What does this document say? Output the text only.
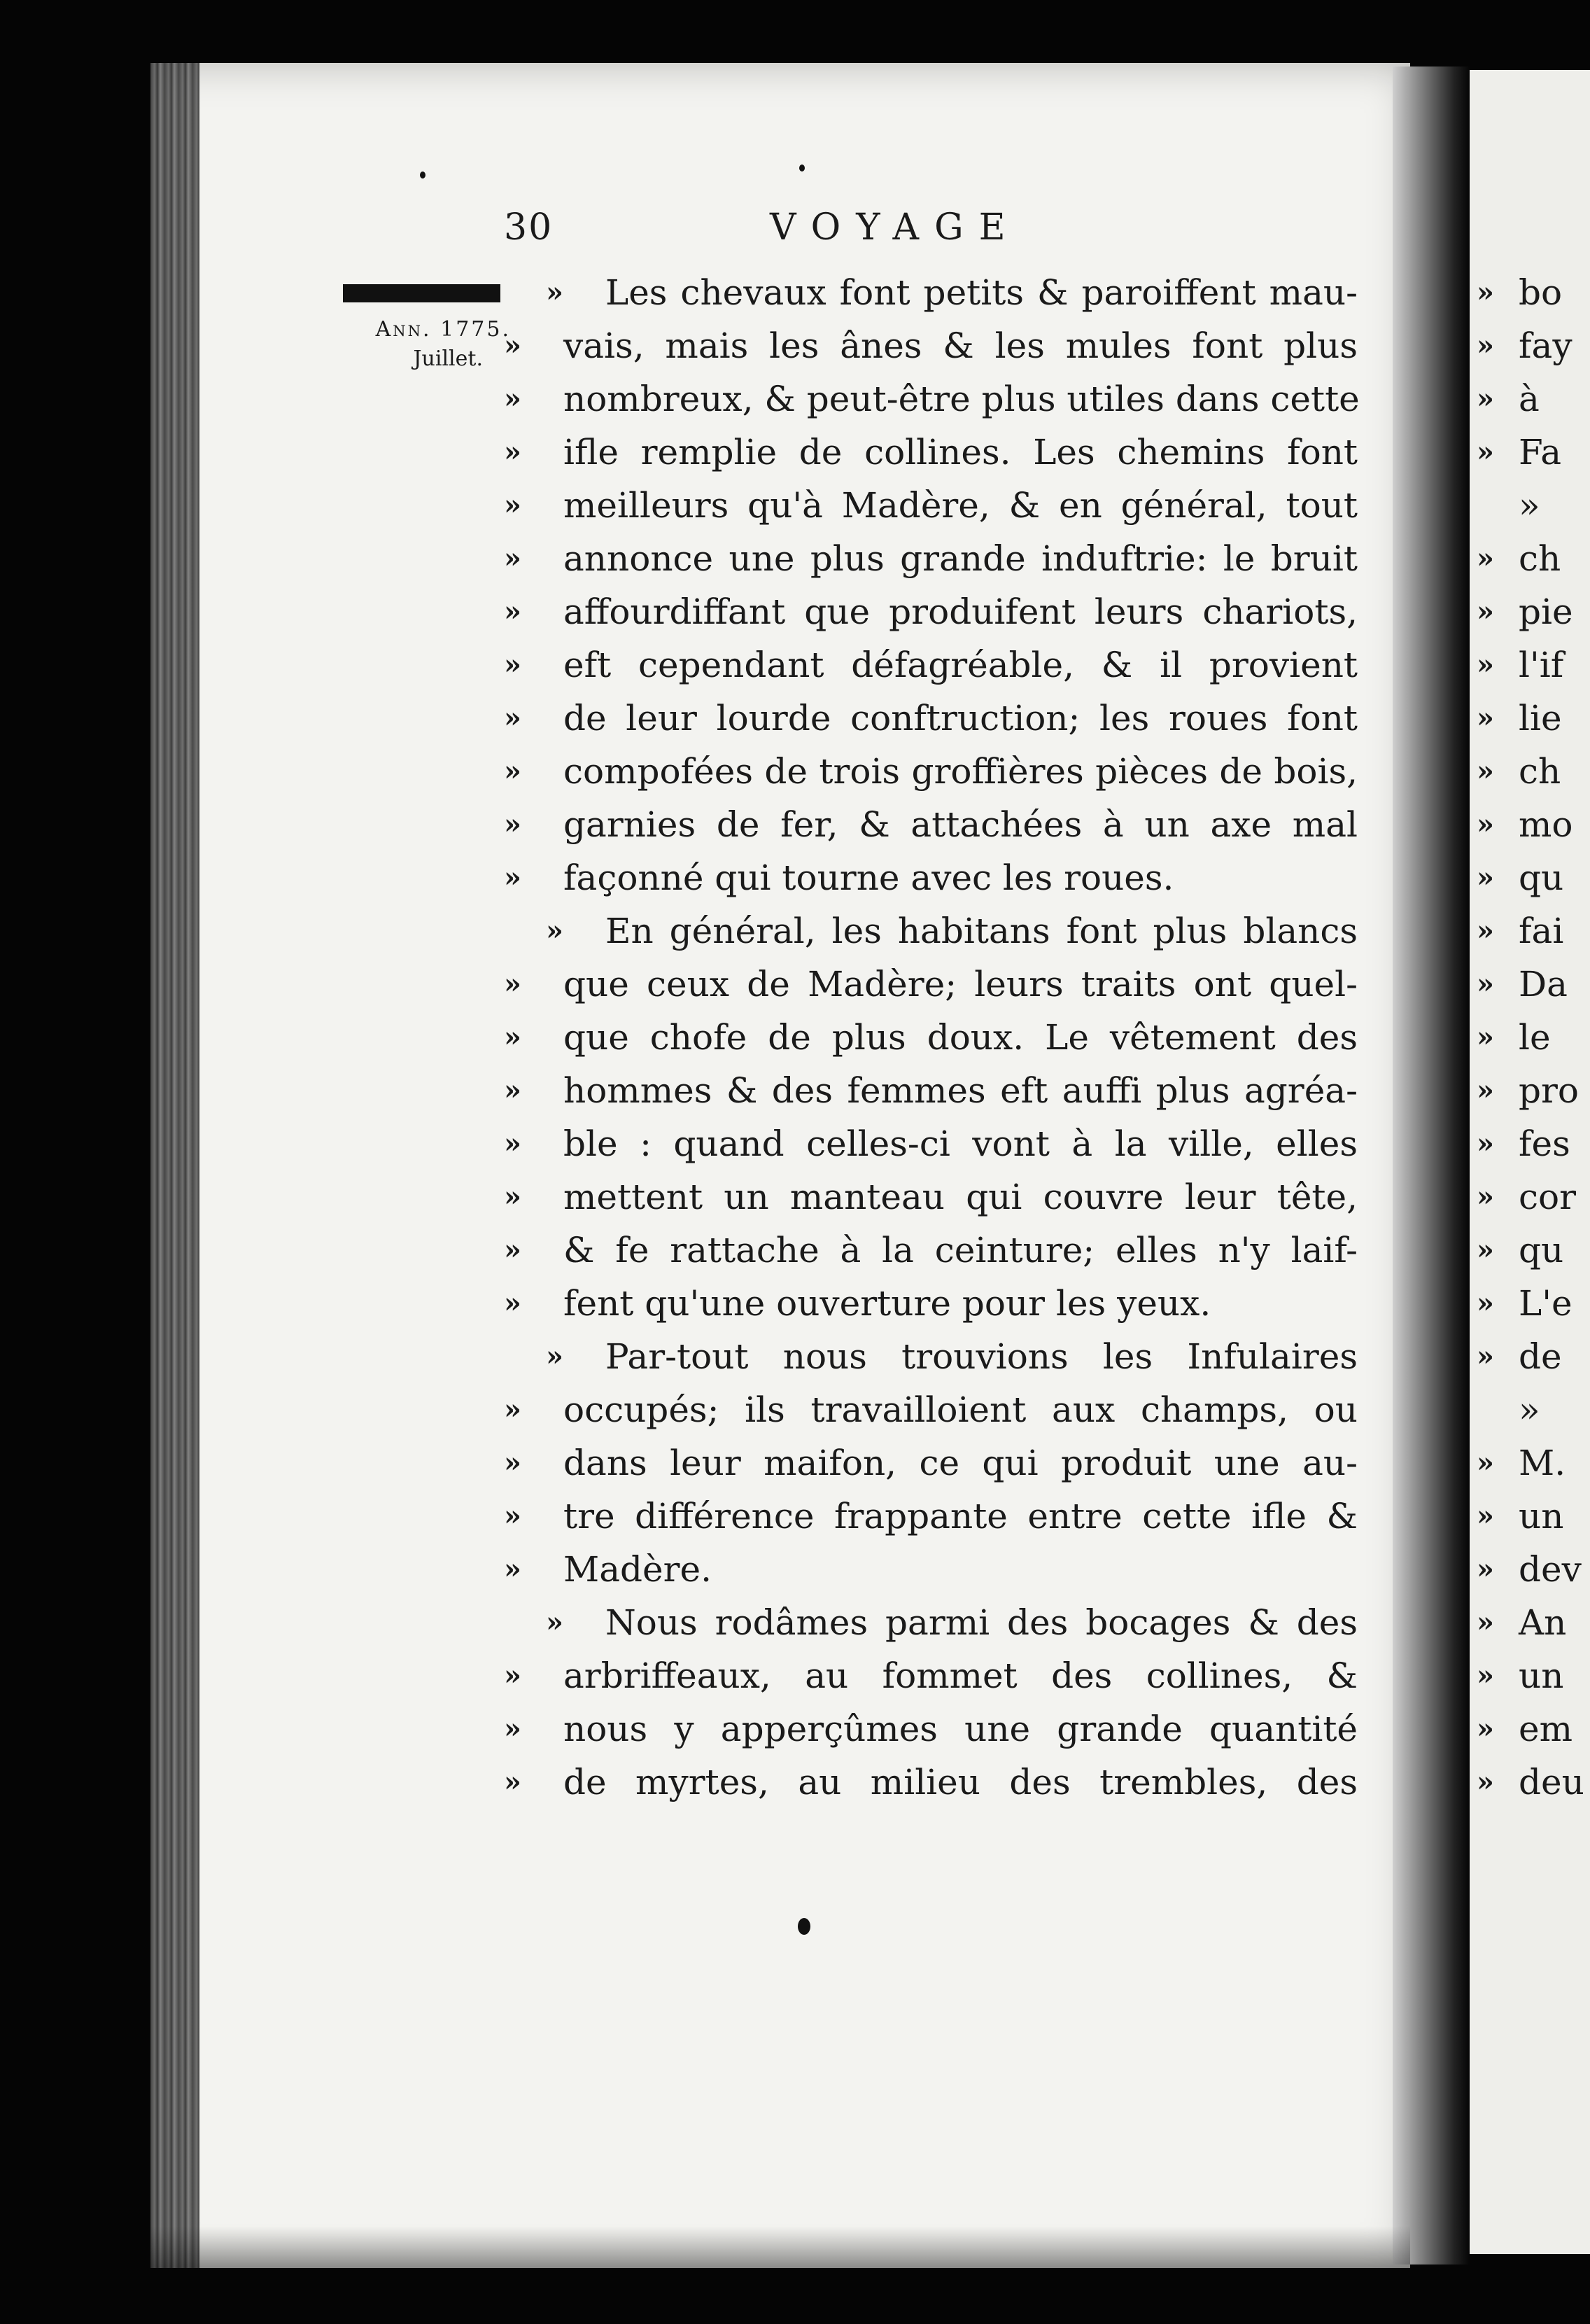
30	VOYAGE
Ann. 1775.
Juillet.
» Les chevaux font petits & paroiffent mau-
» vais, mais les ânes & les mules font plus
» nombreux, & peut-être plus utiles dans cette
» ifle remplie de collines. Les chemins font
» meilleurs qu'à Madère, & en général, tout
» annonce une plus grande induftrie: le bruit
» affourdiffant que produifent leurs chariots,
» eft cependant défagréable, & il provient
» de leur lourde conftruction; les roues font
» compofées de trois groffières pièces de bois,
» garnies de fer, & attachées à un axe mal
» façonné qui tourne avec les roues.
» En général, les habitans font plus blancs
» que ceux de Madère; leurs traits ont quel-
» que chofe de plus doux. Le vêtement des
» hommes & des femmes eft auffi plus agréa-
» ble : quand celles-ci vont à la ville, elles
» mettent un manteau qui couvre leur tête,
» & fe rattache à la ceinture; elles n'y laif-
» fent qu'une ouverture pour les yeux.
» Par-tout nous trouvions les Infulaires
» occupés; ils travailloient aux champs, ou
» dans leur maifon, ce qui produit une au-
» tre différence frappante entre cette ifle &
» Madère.
» Nous rodâmes parmi des bocages & des
» arbriffeaux, au fommet des collines, &
» nous y apperçûmes une grande quantité
» de myrtes, au milieu des trembles, des
» bo
» fay
» à
» Fa
»
» ch
» pie
» l'if
» lie
» ch
» mo
» qu
» fai
» Da
» le
» pro
» fes
» cor
» qu
» L'e
» de
»
» M.
» un
» dev
» An
» un
» em
» deu
